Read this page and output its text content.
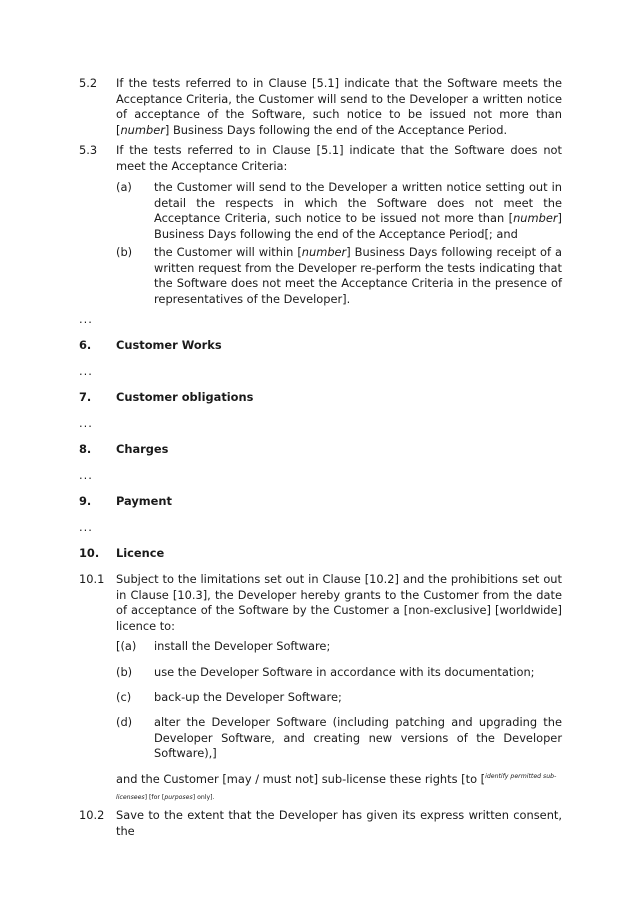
5.2 If the tests referred to in Clause [5.1] indicate that the Software meets the Acceptance Criteria, the Customer will send to the Developer a written notice of acceptance of the Software, such notice to be issued not more than [number] Business Days following the end of the Acceptance Period.
5.3 If the tests referred to in Clause [5.1] indicate that the Software does not meet the Acceptance Criteria:
(a) the Customer will send to the Developer a written notice setting out in detail the respects in which the Software does not meet the Acceptance Criteria, such notice to be issued not more than [number] Business Days following the end of the Acceptance Period[; and
(b) the Customer will within [number] Business Days following receipt of a written request from the Developer re-perform the tests indicating that the Software does not meet the Acceptance Criteria in the presence of representatives of the Developer].
...
6. Customer Works
...
7. Customer obligations
...
8. Charges
...
9. Payment
...
10. Licence
10.1 Subject to the limitations set out in Clause [10.2] and the prohibitions set out in Clause [10.3], the Developer hereby grants to the Customer from the date of acceptance of the Software by the Customer a [non-exclusive] [worldwide] licence to:
[(a) install the Developer Software;
(b) use the Developer Software in accordance with its documentation;
(c) back-up the Developer Software;
(d) alter the Developer Software (including patching and upgrading the Developer Software, and creating new versions of the Developer Software),]
and the Customer [may / must not] sub-license these rights [to [$^{identify permitted sub-}$
licensees] [for [purposes] only].
10.2 Save to the extent that the Developer has given its express written consent, the
